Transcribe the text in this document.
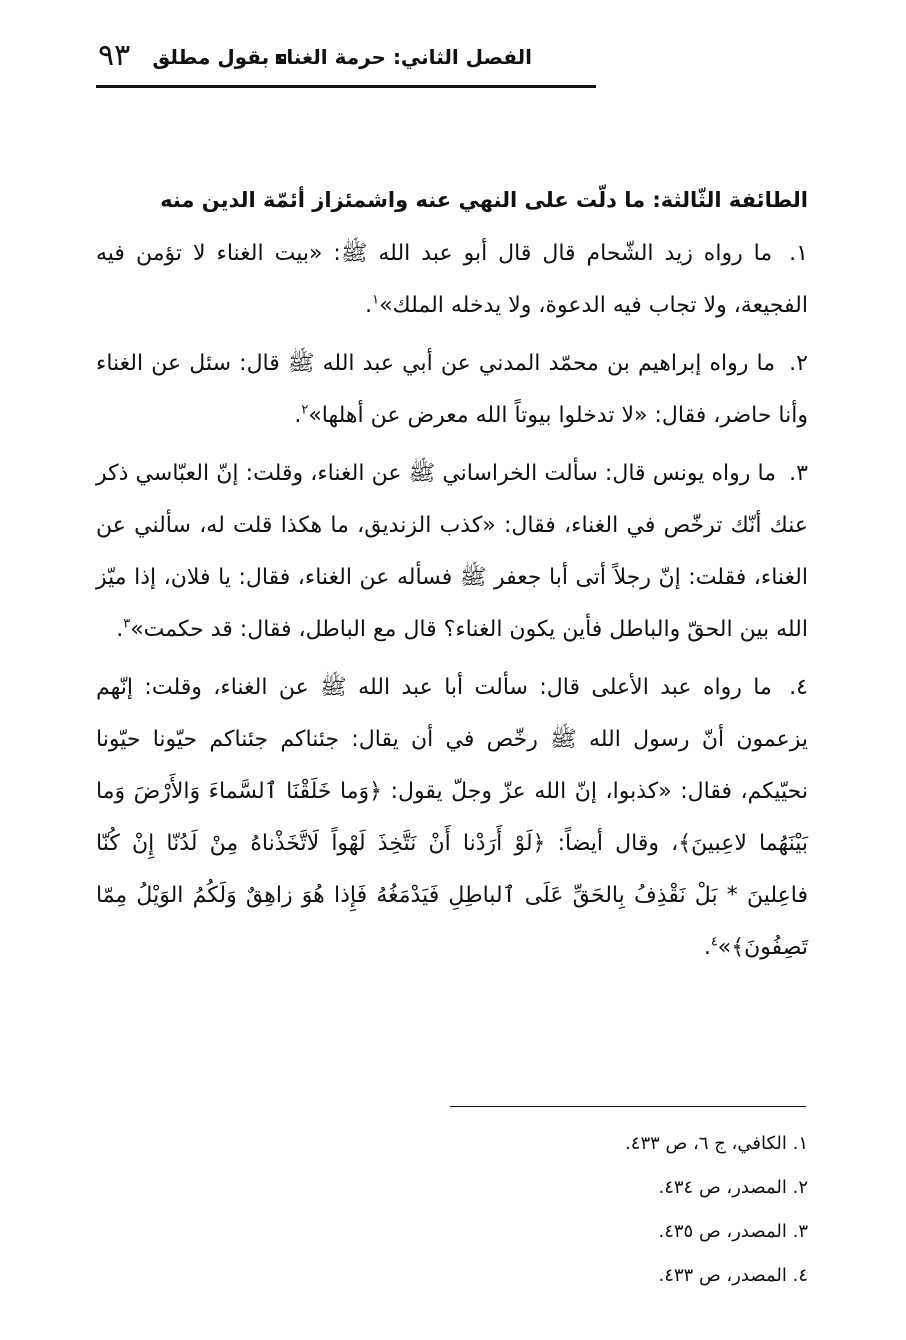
٩٣ الفصل الثاني: حرمة الغناء بقول مطلق
الطائفة الثّالثة: ما دلّت على النهي عنه واشمئزاز أئمّة الدين منه

١. ما رواه زيد الشّحام قال قال أبو عبد الله ﷺ: «بيت الغناء لا تؤمن فيه الفجيعة، ولا تجاب فيه الدعوة، ولا يدخله الملك»$^١$.

٢. ما رواه إبراهيم بن محمّد المدني عن أبي عبد الله ﷺ قال: سئل عن الغناء وأنا حاضر، فقال: «لا تدخلوا بيوتاً الله معرض عن أهلها»$^٢$.

٣. ما رواه يونس قال: سألت الخراساني ﷺ عن الغناء، وقلت: إنّ العبّاسي ذكر عنك أنّك ترخّص في الغناء، فقال: «كذب الزنديق، ما هكذا قلت له، سألني عن الغناء، فقلت: إنّ رجلاً أتى أبا جعفر ﷺ فسأله عن الغناء، فقال: يا فلان، إذا ميّز الله بين الحقّ والباطل فأين يكون الغناء؟ قال مع الباطل، فقال: قد حكمت»$^٣$.

٤. ما رواه عبد الأعلى قال: سألت أبا عبد الله ﷺ عن الغناء، وقلت: إنّهم يزعمون أنّ رسول الله ﷺ رخّص في أن يقال: جئناكم جئناكم حيّونا حيّونا نحيّيكم، فقال: «كذبوا، إنّ الله عزّ وجلّ يقول: ﴿وَما خَلَقْنَا ٱلسَّماءَ وَالأَرْضَ وَما بَيْنَهُما لاعِبينَ﴾، وقال أيضاً: ﴿لَوْ أَرَدْنا أَنْ نَتَّخِذَ لَهْواً لَاتَّخَذْناهُ مِنْ لَدُنّا إِنْ كُنّا فاعِلينَ * بَلْ نَقْذِفُ بِالحَقِّ عَلَى ٱلباطِلِ فَيَدْمَغُهُ فَإِذا هُوَ زاهِقٌ وَلَكُمُ الوَيْلُ مِمّا تَصِفُونَ﴾»$^٤$.

١. الكافي، ج ٦، ص ٤٣٣.
٢. المصدر، ص ٤٣٤.
٣. المصدر، ص ٤٣٥.
٤. المصدر، ص ٤٣٣.
